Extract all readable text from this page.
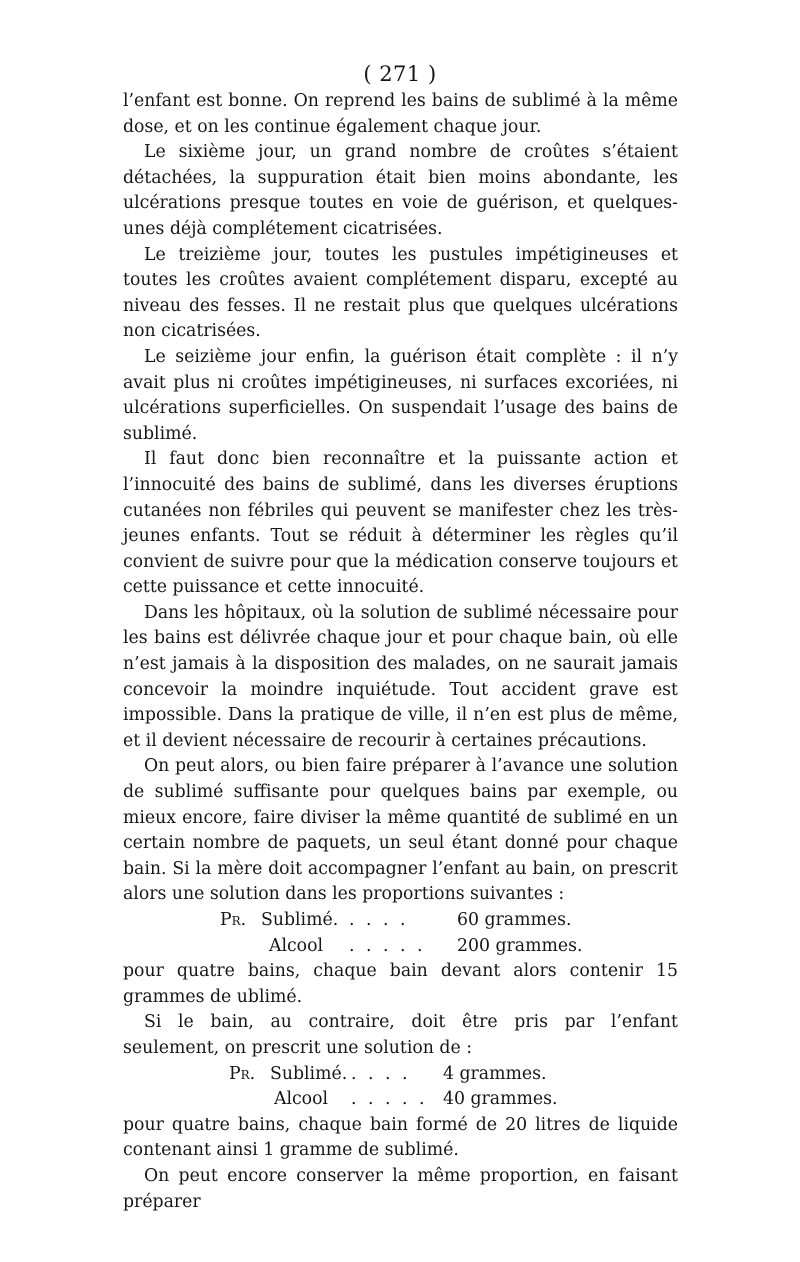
( 271 )

l’enfant est bonne. On reprend les bains de sublimé à la même dose, et on les continue également chaque jour.

Le sixième jour, un grand nombre de croûtes s’étaient détachées, la suppuration était bien moins abondante, les ulcérations presque toutes en voie de guérison, et quelques-unes déjà complétement cicatrisées.

Le treizième jour, toutes les pustules impétigineuses et toutes les croûtes avaient complétement disparu, excepté au niveau des fesses. Il ne restait plus que quelques ulcérations non cicatrisées.

Le seizième jour enfin, la guérison était complète : il n’y avait plus ni croûtes impétigineuses, ni surfaces excoriées, ni ulcérations superficielles. On suspendait l’usage des bains de sublimé.

Il faut donc bien reconnaître et la puissante action et l’innocuité des bains de sublimé, dans les diverses éruptions cutanées non fébriles qui peuvent se manifester chez les très-jeunes enfants. Tout se réduit à déterminer les règles qu’il convient de suivre pour que la médication conserve toujours et cette puissance et cette innocuité.

Dans les hôpitaux, où la solution de sublimé nécessaire pour les bains est délivrée chaque jour et pour chaque bain, où elle n’est jamais à la disposition des malades, on ne saurait jamais concevoir la moindre inquiétude. Tout accident grave est impossible. Dans la pratique de ville, il n’en est plus de même, et il devient nécessaire de recourir à certaines précautions.

On peut alors, ou bien faire préparer à l’avance une solution de sublimé suffisante pour quelques bains par exemple, ou mieux encore, faire diviser la même quantité de sublimé en un certain nombre de paquets, un seul étant donné pour chaque bain. Si la mère doit accompagner l’enfant au bain, on prescrit alors une solution dans les proportions suivantes :

Pr. Sublimé. . . . .	60 grammes.
Alcool . . . . . 200 grammes.

pour quatre bains, chaque bain devant alors contenir 15 grammes de ublimé.

Si le bain, au contraire, doit être pris par l’enfant seulement, on prescrit une solution de :

Pr. Sublimé. . . . . 4 grammes.
Alcool . . . . . 40 grammes.

pour quatre bains, chaque bain formé de 20 litres de liquide contenant ainsi 1 gramme de sublimé.

On peut encore conserver la même proportion, en faisant préparer
